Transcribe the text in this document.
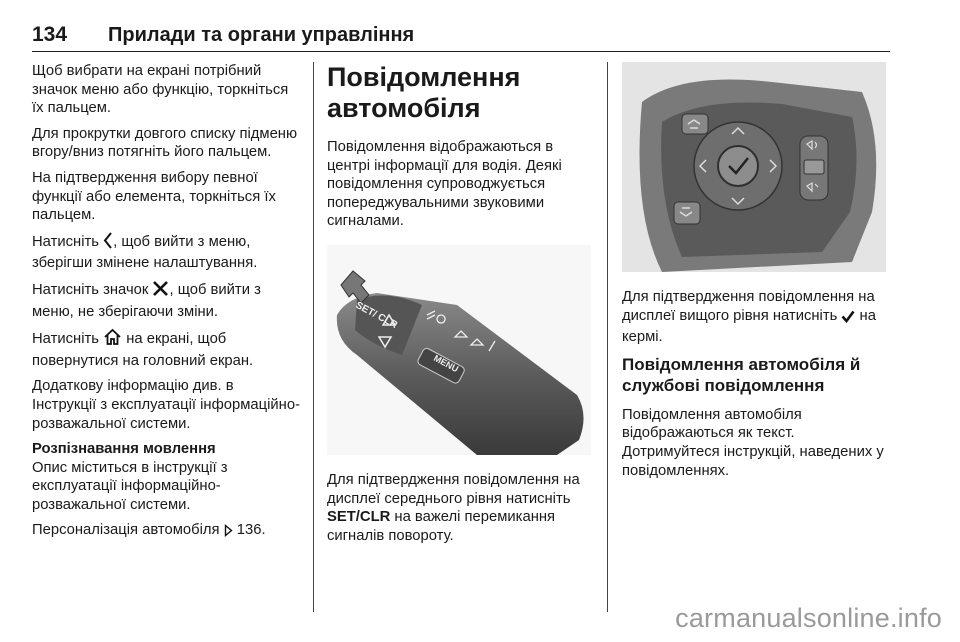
134	Прилади та органи управління

Щоб вибрати на екрані потрібний значок меню або функцію, торкніться їх пальцем.

Для прокрутки довгого списку підменю вгору/вниз потягніть його пальцем.

На підтвердження вибору певної функції або елемента, торкніться їх пальцем.

Натисніть , щоб вийти з меню, зберігши змінене налаштування.

Натисніть значок , щоб вийти з меню, не зберігаючи зміни.

Натисніть  на екрані, щоб повернутися на головний екран.

Додаткову інформацію див. в Інструкції з експлуатації інформаційно-розважальної системи.

Розпізнавання мовлення
Опис міститься в інструкції з експлуатації інформаційно-розважальної системи.

Персоналізація автомобіля  136.

Повідомлення автомобіля

Повідомлення відображаються в центрі інформації для водія. Деякі повідомлення супроводжується попереджувальними звуковими сигналами.

SET/ CLR
MENU

Для підтвердження повідомлення на дисплеї середнього рівня натисніть SET/CLR на важелі перемикання сигналів повороту.

Для підтвердження повідомлення на дисплеї вищого рівня натисніть  на кермі.

Повідомлення автомобіля й службові повідомлення

Повідомлення автомобіля відображаються як текст. Дотримуйтеся інструкцій, наведених у повідомленнях.

carmanualsonline.info
